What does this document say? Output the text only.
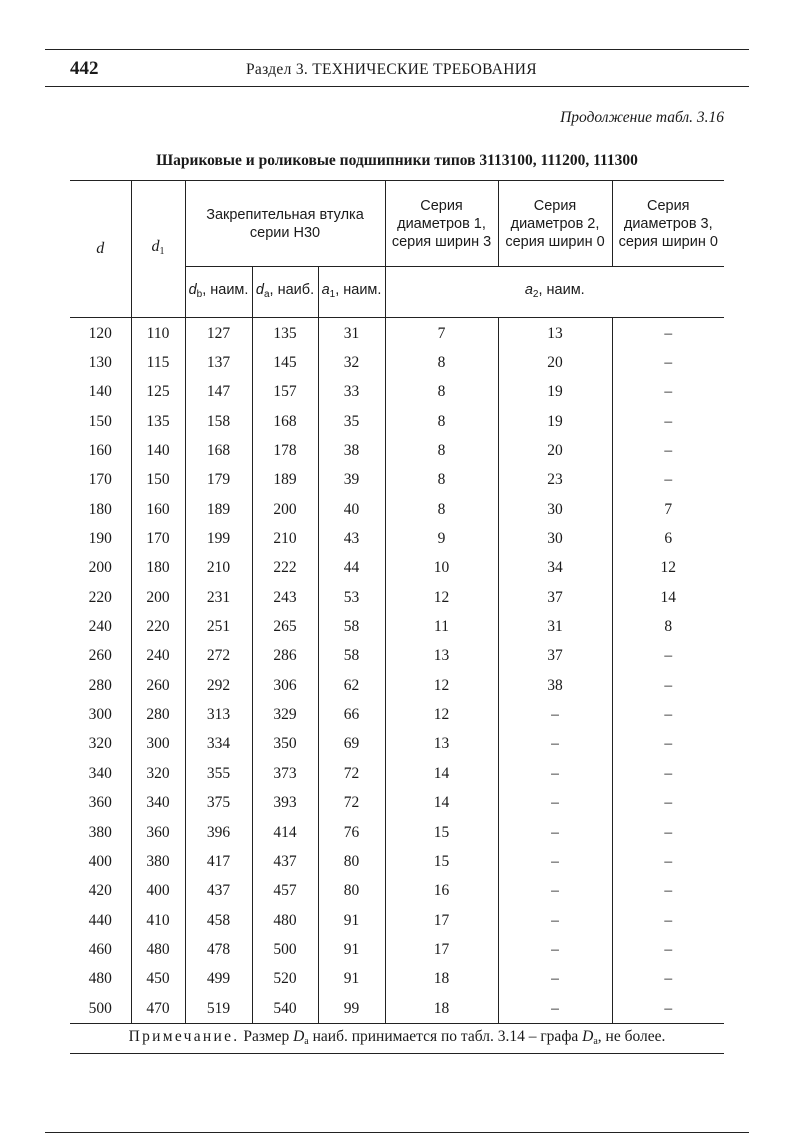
442	Раздел 3. ТЕХНИЧЕСКИЕ ТРЕБОВАНИЯ
Продолжение табл. 3.16
Шариковые и роликовые подшипники типов 3113100, 111200, 111300
d	$d_1$	Закрепительная втулка серии H30			Серия диаметров 1, серия ширин 3	Серия диаметров 2, серия ширин 0	Серия диаметров 3, серия ширин 0
		$d_b$, наим.	$d_a$, наиб.	$a_1$, наим.	$a_2$, наим.		
120	110	127	135	31	7	13	–
130	115	137	145	32	8	20	–
140	125	147	157	33	8	19	–
150	135	158	168	35	8	19	–
160	140	168	178	38	8	20	–
170	150	179	189	39	8	23	–
180	160	189	200	40	8	30	7
190	170	199	210	43	9	30	6
200	180	210	222	44	10	34	12
220	200	231	243	53	12	37	14
240	220	251	265	58	11	31	8
260	240	272	286	58	13	37	–
280	260	292	306	62	12	38	–
300	280	313	329	66	12	–	–
320	300	334	350	69	13	–	–
340	320	355	373	72	14	–	–
360	340	375	393	72	14	–	–
380	360	396	414	76	15	–	–
400	380	417	437	80	15	–	–
420	400	437	457	80	16	–	–
440	410	458	480	91	17	–	–
460	480	478	500	91	17	–	–
480	450	499	520	91	18	–	–
500	470	519	540	99	18	–	–
Примечание. Размер $D_a$ наиб. принимается по табл. 3.14 – графа $D_a$, не более.
